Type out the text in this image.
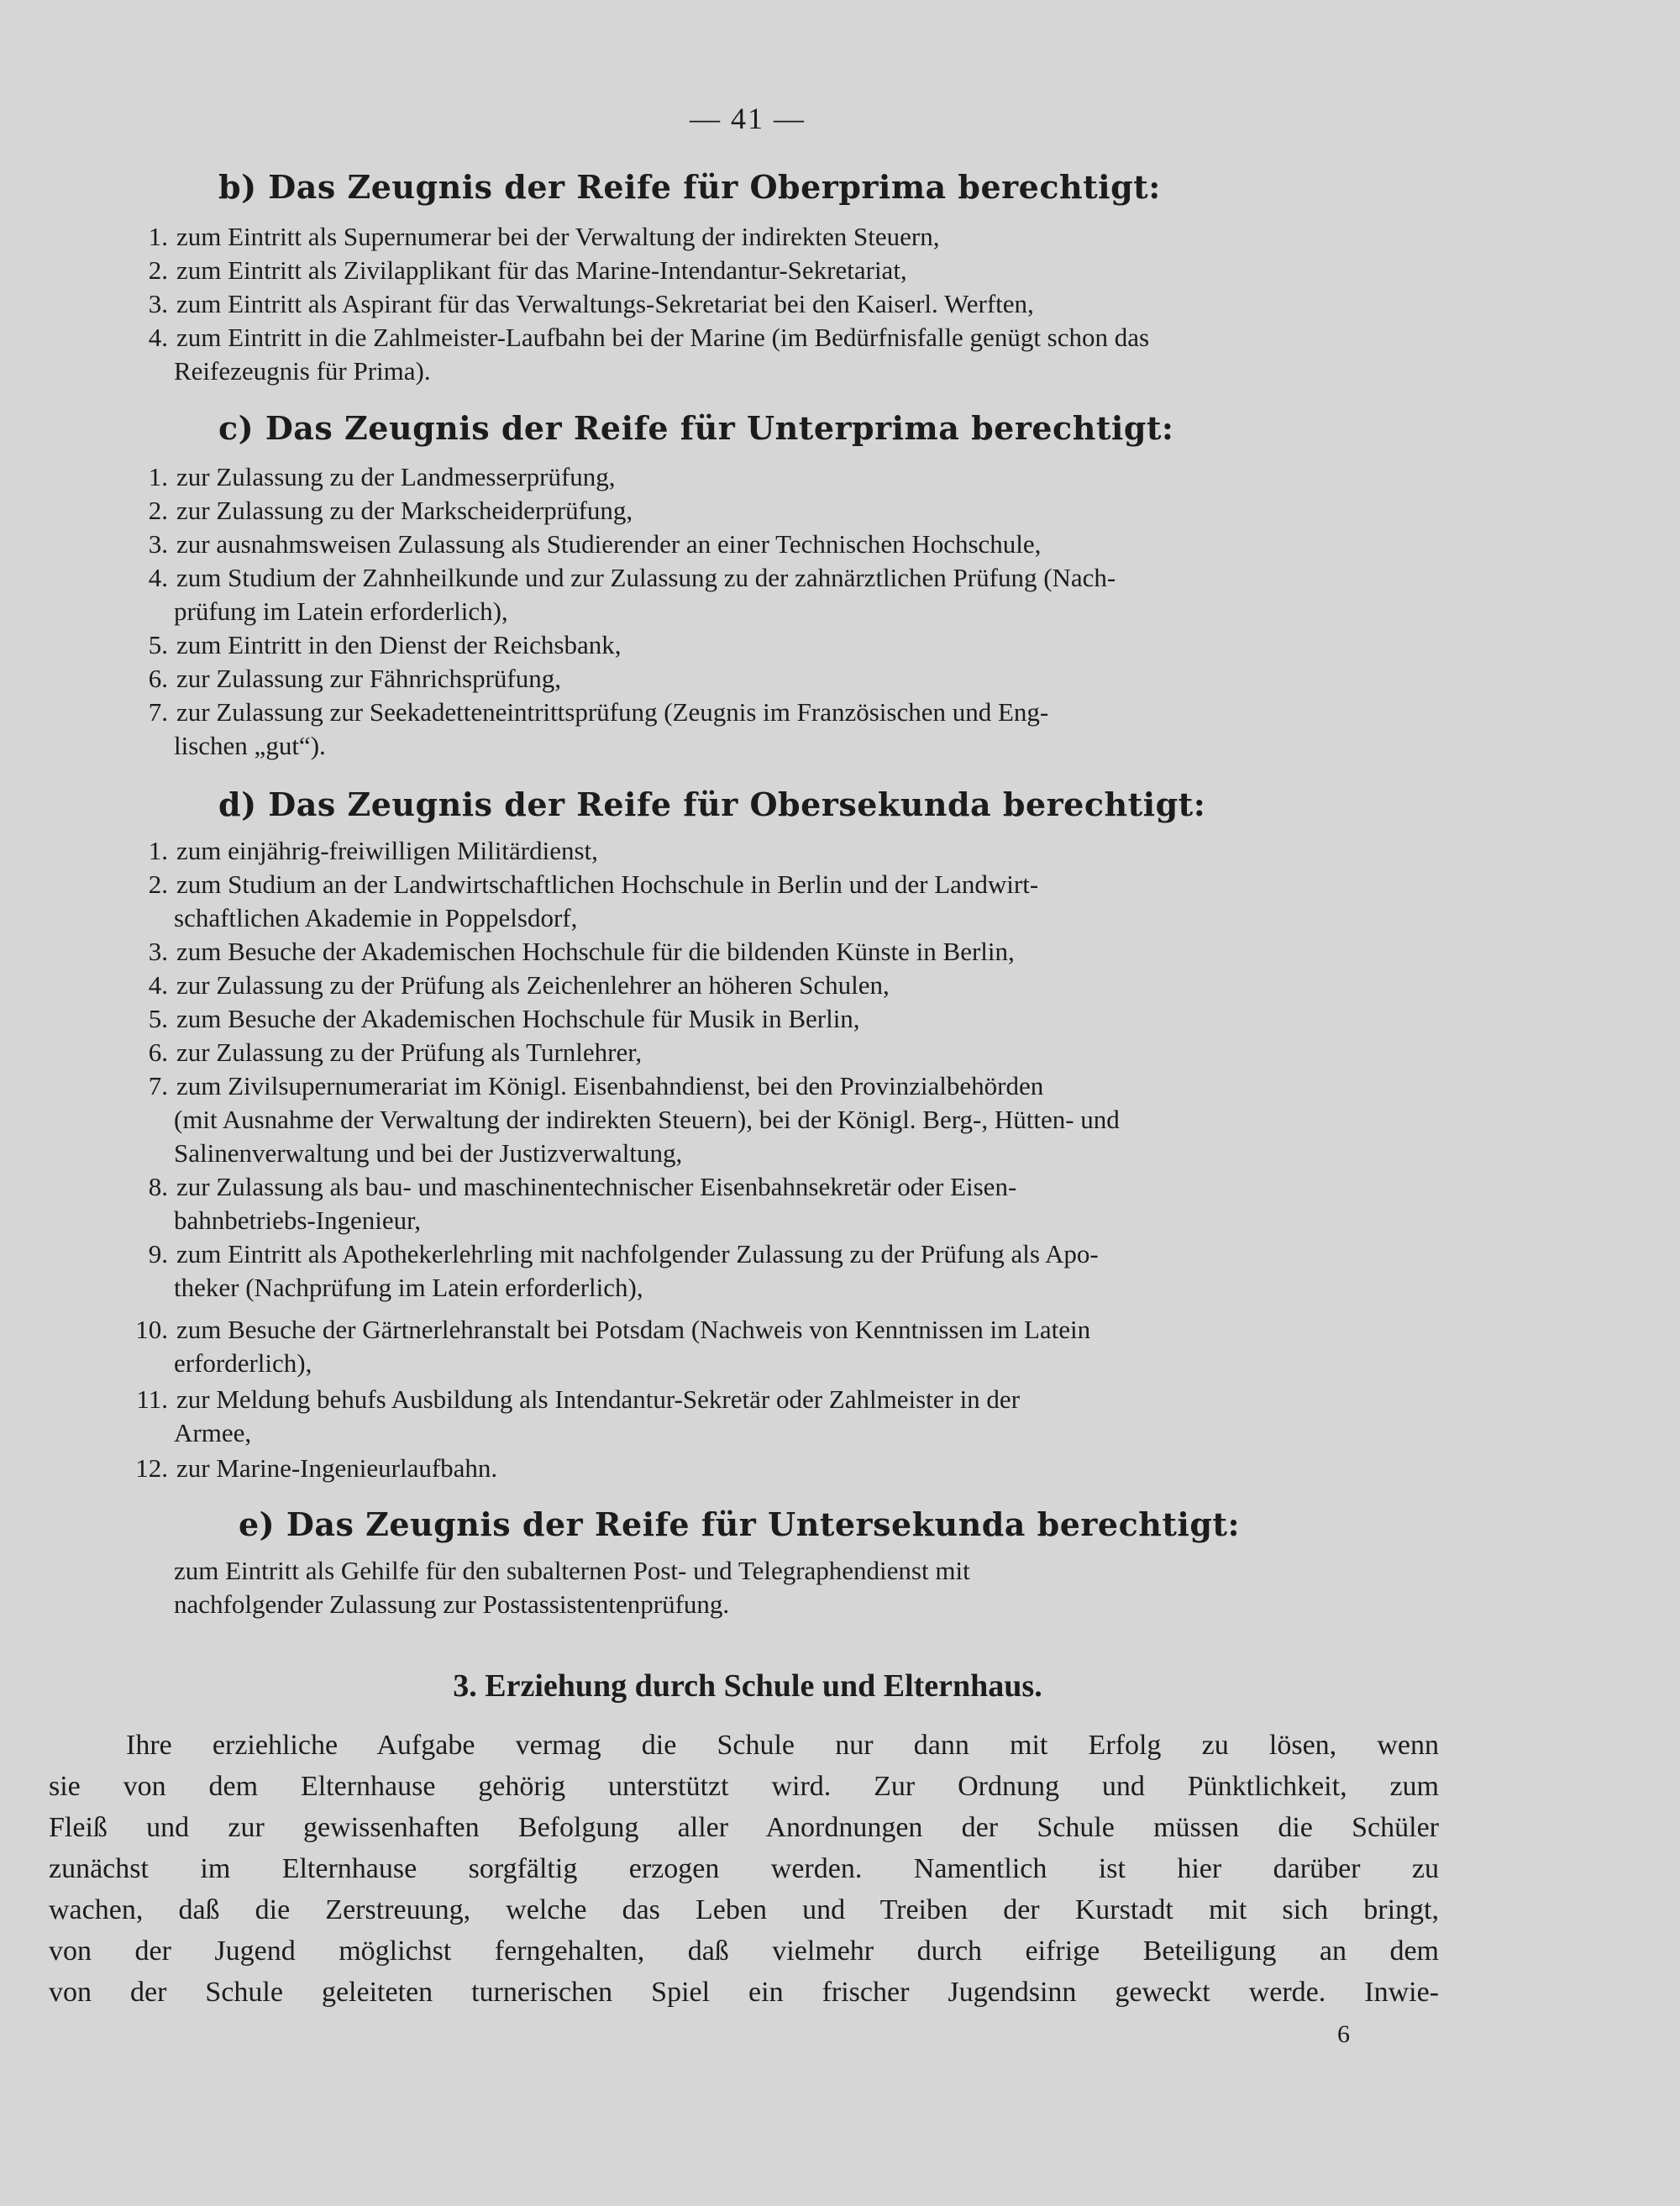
— 41 —
b) Das Zeugnis der Reife für Oberprima berechtigt:
1. zum Eintritt als Supernumerar bei der Verwaltung der indirekten Steuern,
2. zum Eintritt als Zivilapplikant für das Marine-Intendantur-Sekretariat,
3. zum Eintritt als Aspirant für das Verwaltungs-Sekretariat bei den Kaiserl. Werften,
4. zum Eintritt in die Zahlmeister-Laufbahn bei der Marine (im Bedürfnisfalle genügt schon das
Reifezeugnis für Prima).
c) Das Zeugnis der Reife für Unterprima berechtigt:
1. zur Zulassung zu der Landmesserprüfung,
2. zur Zulassung zu der Markscheiderprüfung,
3. zur ausnahmsweisen Zulassung als Studierender an einer Technischen Hochschule,
4. zum Studium der Zahnheilkunde und zur Zulassung zu der zahnärztlichen Prüfung (Nach-
prüfung im Latein erforderlich),
5. zum Eintritt in den Dienst der Reichsbank,
6. zur Zulassung zur Fähnrichsprüfung,
7. zur Zulassung zur Seekadetteneintrittsprüfung (Zeugnis im Französischen und Eng-
lischen „gut“).
d) Das Zeugnis der Reife für Obersekunda berechtigt:
1. zum einjährig-freiwilligen Militärdienst,
2. zum Studium an der Landwirtschaftlichen Hochschule in Berlin und der Landwirt-
schaftlichen Akademie in Poppelsdorf,
3. zum Besuche der Akademischen Hochschule für die bildenden Künste in Berlin,
4. zur Zulassung zu der Prüfung als Zeichenlehrer an höheren Schulen,
5. zum Besuche der Akademischen Hochschule für Musik in Berlin,
6. zur Zulassung zu der Prüfung als Turnlehrer,
7. zum Zivilsupernumerariat im Königl. Eisenbahndienst, bei den Provinzialbehörden
(mit Ausnahme der Verwaltung der indirekten Steuern), bei der Königl. Berg-, Hütten- und
Salinenverwaltung und bei der Justizverwaltung,
8. zur Zulassung als bau- und maschinentechnischer Eisenbahnsekretär oder Eisen-
bahnbetriebs-Ingenieur,
9. zum Eintritt als Apothekerlehrling mit nachfolgender Zulassung zu der Prüfung als Apo-
theker (Nachprüfung im Latein erforderlich),
10. zum Besuche der Gärtnerlehranstalt bei Potsdam (Nachweis von Kenntnissen im Latein
erforderlich),
11. zur Meldung behufs Ausbildung als Intendantur-Sekretär oder Zahlmeister in der
Armee,
12. zur Marine-Ingenieurlaufbahn.
e) Das Zeugnis der Reife für Untersekunda berechtigt:
zum Eintritt als Gehilfe für den subalternen Post- und Telegraphendienst mit
nachfolgender Zulassung zur Postassistentenprüfung.
3. Erziehung durch Schule und Elternhaus.
Ihre erziehliche Aufgabe vermag die Schule nur dann mit Erfolg zu lösen, wenn
sie von dem Elternhause gehörig unterstützt wird. Zur Ordnung und Pünktlichkeit, zum
Fleiß und zur gewissenhaften Befolgung aller Anordnungen der Schule müssen die Schüler
zunächst im Elternhause sorgfältig erzogen werden. Namentlich ist hier darüber zu
wachen, daß die Zerstreuung, welche das Leben und Treiben der Kurstadt mit sich bringt,
von der Jugend möglichst ferngehalten, daß vielmehr durch eifrige Beteiligung an dem
von der Schule geleiteten turnerischen Spiel ein frischer Jugendsinn geweckt werde. Inwie-
6
